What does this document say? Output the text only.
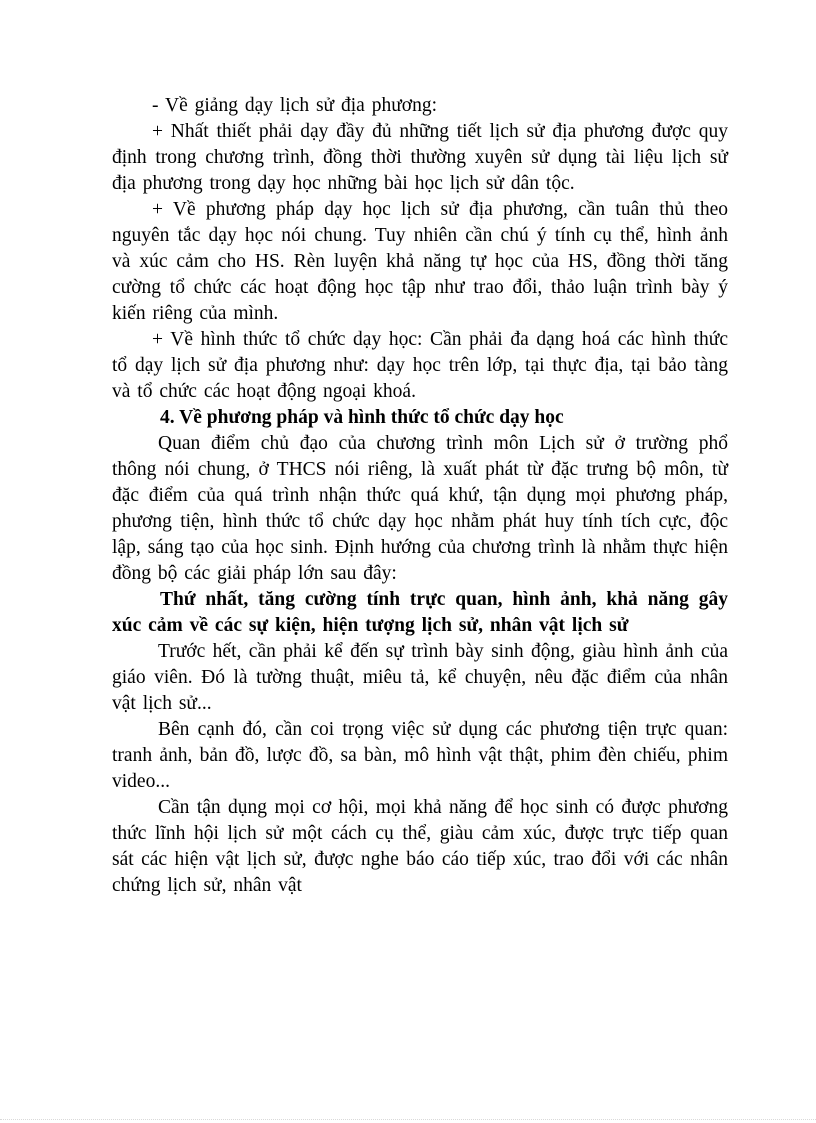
- Về giảng dạy lịch sử địa phương:

+ Nhất thiết phải dạy đầy đủ những tiết lịch sử địa phương được quy định trong chương trình, đồng thời thường xuyên sử dụng tài liệu lịch sử địa phương trong dạy học những bài học lịch sử dân tộc.

+ Về phương pháp dạy học lịch sử địa phương, cần tuân thủ theo nguyên tắc dạy học nói chung. Tuy nhiên cần chú ý tính cụ thể, hình ảnh và xúc cảm cho HS. Rèn luyện khả năng tự học của HS, đồng thời tăng cường tổ chức các hoạt động học tập như trao đổi, thảo luận trình bày ý kiến riêng của mình.

+ Về hình thức tổ chức dạy học: Cần phải đa dạng hoá các hình thức tổ dạy lịch sử địa phương như: dạy học trên lớp, tại thực địa, tại bảo tàng và tổ chức các hoạt động ngoại khoá.

4. Về phương pháp và hình thức tổ chức dạy học

Quan điểm chủ đạo của chương trình môn Lịch sử ở trường phổ thông nói chung, ở THCS nói riêng, là xuất phát từ đặc trưng bộ môn, từ đặc điểm của quá trình nhận thức quá khứ, tận dụng mọi phương pháp, phương tiện, hình thức tổ chức dạy học nhằm phát huy tính tích cực, độc lập, sáng tạo của học sinh. Định hướng của chương trình là nhằm thực hiện đồng bộ các giải pháp lớn sau đây:

Thứ nhất, tăng cường tính trực quan, hình ảnh, khả năng gây xúc cảm về các sự kiện, hiện tượng lịch sử, nhân vật lịch sử

Trước hết, cần phải kể đến sự trình bày sinh động, giàu hình ảnh của giáo viên. Đó là tường thuật, miêu tả, kể chuyện, nêu đặc điểm của nhân vật lịch sử...

Bên cạnh đó, cần coi trọng việc sử dụng các phương tiện trực quan: tranh ảnh, bản đồ, lược đồ, sa bàn, mô hình vật thật, phim đèn chiếu, phim video...

Cần tận dụng mọi cơ hội, mọi khả năng để học sinh có được phương thức lĩnh hội lịch sử một cách cụ thể, giàu cảm xúc, được trực tiếp quan sát các hiện vật lịch sử, được nghe báo cáo tiếp xúc, trao đổi với các nhân chứng lịch sử, nhân vật
